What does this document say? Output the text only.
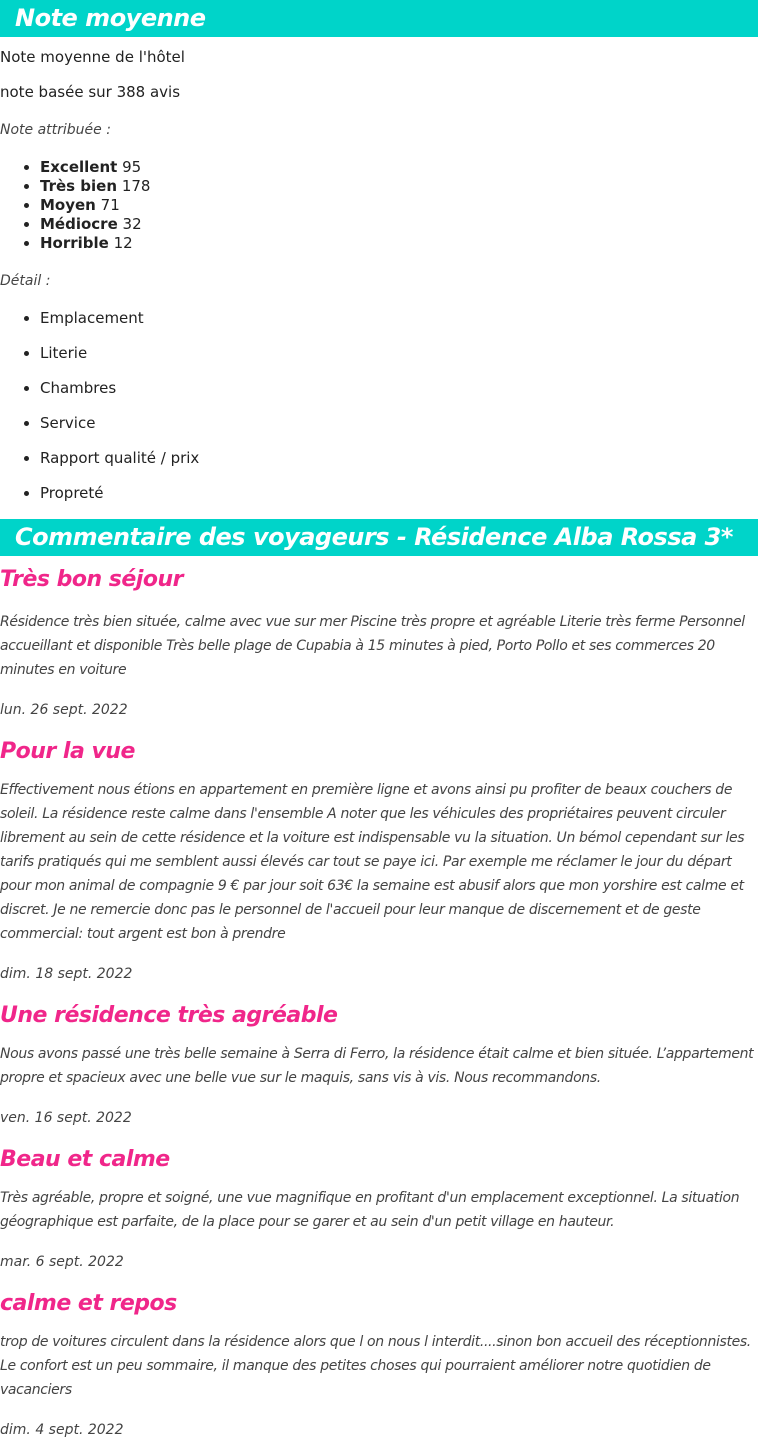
Note moyenne

Note moyenne de l'hôtel

note basée sur 388 avis

Note attribuée :

• Excellent 95
• Très bien 178
• Moyen 71
• Médiocre 32
• Horrible 12

Détail :

• Emplacement
• Literie
• Chambres
• Service
• Rapport qualité / prix
• Propreté
Commentaire des voyageurs - Résidence Alba Rossa 3*
Très bon séjour

Résidence très bien située, calme avec vue sur mer Piscine très propre et agréable Literie très ferme Personnel accueillant et disponible Très belle plage de Cupabia à 15 minutes à pied, Porto Pollo et ses commerces 20 minutes en voiture

lun. 26 sept. 2022

Pour la vue

Effectivement nous étions en appartement en première ligne et avons ainsi pu profiter de beaux couchers de soleil. La résidence reste calme dans l'ensemble A noter que les véhicules des propriétaires peuvent circuler librement au sein de cette résidence et la voiture est indispensable vu la situation. Un bémol cependant sur les tarifs pratiqués qui me semblent aussi élevés car tout se paye ici. Par exemple me réclamer le jour du départ pour mon animal de compagnie 9 € par jour soit 63€ la semaine est abusif alors que mon yorshire est calme et discret. Je ne remercie donc pas le personnel de l'accueil pour leur manque de discernement et de geste commercial: tout argent est bon à prendre

dim. 18 sept. 2022

Une résidence très agréable

Nous avons passé une très belle semaine à Serra di Ferro, la résidence était calme et bien située. L’appartement propre et spacieux avec une belle vue sur le maquis, sans vis à vis. Nous recommandons.

ven. 16 sept. 2022

Beau et calme

Très agréable, propre et soigné, une vue magnifique en profitant d'un emplacement exceptionnel. La situation géographique est parfaite, de la place pour se garer et au sein d'un petit village en hauteur.

mar. 6 sept. 2022

calme et repos

trop de voitures circulent dans la résidence alors que l on nous l interdit....sinon bon accueil des réceptionnistes. Le confort est un peu sommaire, il manque des petites choses qui pourraient améliorer notre quotidien de vacanciers

dim. 4 sept. 2022
